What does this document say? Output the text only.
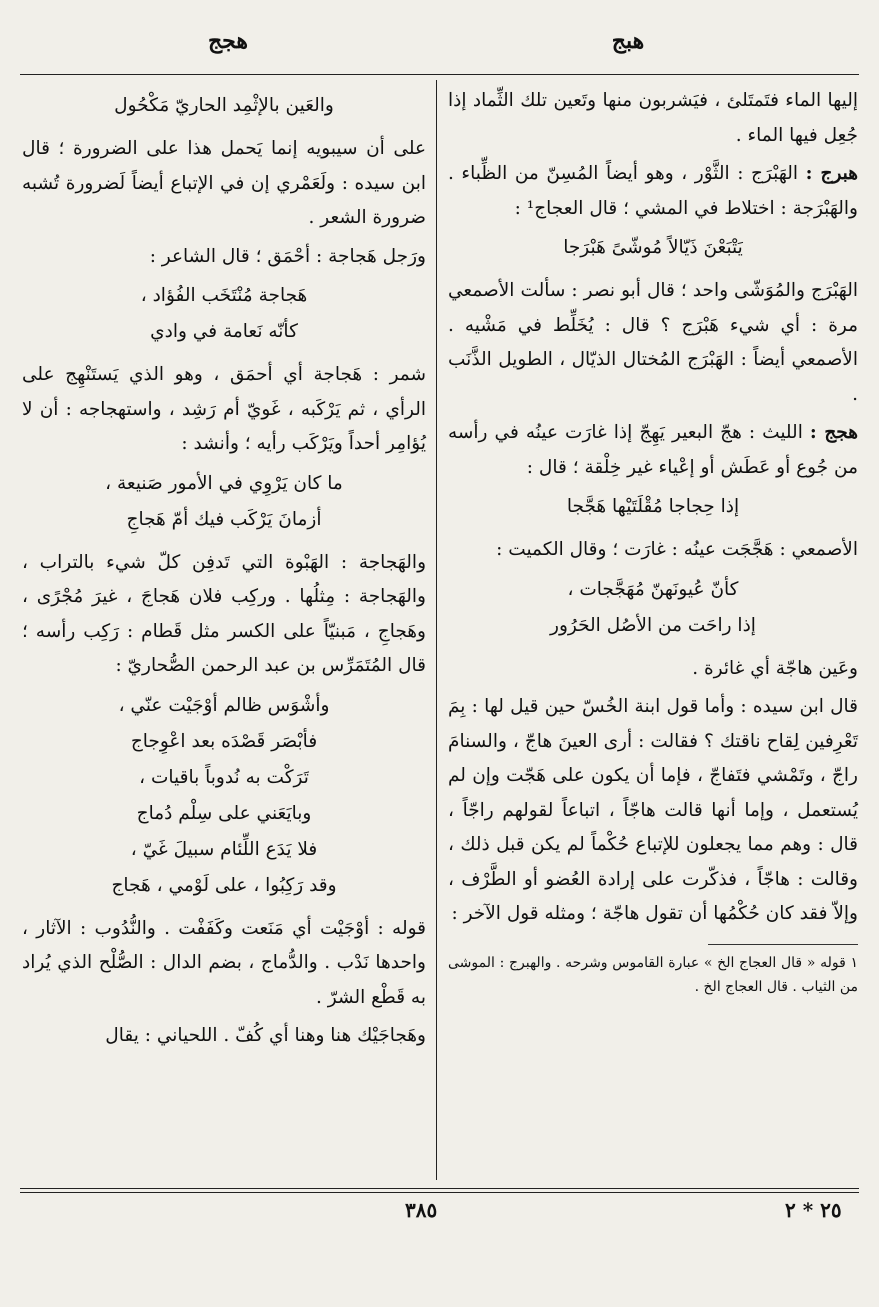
هبج
هجج

إليها الماء فتَمتَلئ ، فيَشربون منها وتَعين تلك الثِّماد إذا جُعِل فيها الماء .

هبرج : الهَبْرَج : الثَّوْر ، وهو أيضاً المُسِنّ من الظِّباء . والهَبْرَجة : اختلاط في المشي ؛ قال العجاج¹ :

يَتْبَعْنَ ذَيّالاً مُوشّىً هَبْرَجا

الهَبْرَج والمُوَشّى واحد ؛ قال أبو نصر : سألت الأصمعي مرة : أي شيء هَبْرَج ؟ قال : يُخَلِّط في مَشْيه . الأصمعي أيضاً : الهَبْرَج المُختال الذيّال ، الطويل الذَّنَب .

هجج : الليث : هجّ البعير يَهِجّ إذا غارَت عينُه في رأسه من جُوع أو عَطَش أو إعْياء غير خِلْقة ؛ قال :

إذا حِجاجا مُقْلَتَيْها هَجَّجا

الأصمعي : هَجَّجَت عينُه : غارَت ؛ وقال الكميت :

كأنّ عُيونَهنّ مُهَجَّجات ،
إذا راحَت من الأصُل الحَرُور

وعَين هاجّة أي غائرة .

قال ابن سيده : وأما قول ابنة الخُسّ حين قيل لها : بِمَ تَعْرِفين لِقاح ناقتك ؟ فقالت : أرى العينَ هاجّ ، والسنامَ راجّ ، وتَمْشي فتَفاجّ ، فإما أن يكون على هَجّت وإن لم يُستعمل ، وإما أنها قالت هاجّاً ، اتباعاً لقولهم راجّاً ، قال : وهم مما يجعلون للإتباع حُكْماً لم يكن قبل ذلك ، وقالت : هاجّاً ، فذكّرت على إرادة العُضو أو الطَّرْف ، وإلاّ فقد كان حُكْمُها أن تقول هاجّة ؛ ومثله قول الآخر :

١ قوله « قال العجاج الخ » عبارة القاموس وشرحه . والهبرج : الموشى من الثياب . قال العجاج الخ .

والعَين بالإثْمِد الحاريّ مَكْحُول

على أن سيبويه إنما يَحمل هذا على الضرورة ؛ قال ابن سيده : ولَعَمْري إن في الإتباع أيضاً لَضرورة تُشبه ضرورة الشعر .

ورَجل هَجاجة : أحْمَق ؛ قال الشاعر :

هَجاجة مُنْتَخَب الفُؤاد ،
كأنّه نَعامة في وادي

شمر : هَجاجة أي أحمَق ، وهو الذي يَستَنْهِج على الرأي ، ثم يَرْكَبه ، غَويّ أم رَشِد ، واستهجاجه : أن لا يُؤامِر أحداً ويَرْكَب رأيه ؛ وأنشد :

ما كان يَرْوِي في الأمور صَنيعة ،
أزمانَ يَرْكَب فيك أمّ هَجاجِ

والهَجاجة : الهَبْوة التي تَدفِن كلّ شيء بالتراب ، والهَجاجة : مِثلُها . وركِب فلان هَجاجَ ، غيرَ مُجْرًى ، وهَجاجِ ، مَبنيّاً على الكسر مثل قَطام : رَكِب رأسه ؛ قال المُتَمَرِّس بن عبد الرحمن الصُّحاريّ :

وأشْوَس ظالم أوْجَيْت عنّي ،
فأبْصَر قَصْدَه بعد اعْوِجاج
تَرَكْت به نُدوباً باقيات ،
وبايَعَني على سِلْم دُماج
فلا يَدَع اللِّئام سبيلَ غَيّ ،
وقد رَكِبُوا ، على لَوْمي ، هَجاج

قوله : أوْجَيْت أي مَنَعت وكَفَفْت . والنُّدُوب : الآثار ، واحدها نَدْب . والدُّماج ، بضم الدال : الصُّلْح الذي يُراد به قَطْع الشرّ .

وهَجاجَيْك هنا وهنا أي كُفّ . اللحياني : يقال

٣٨٥	٢٥ * ٢
